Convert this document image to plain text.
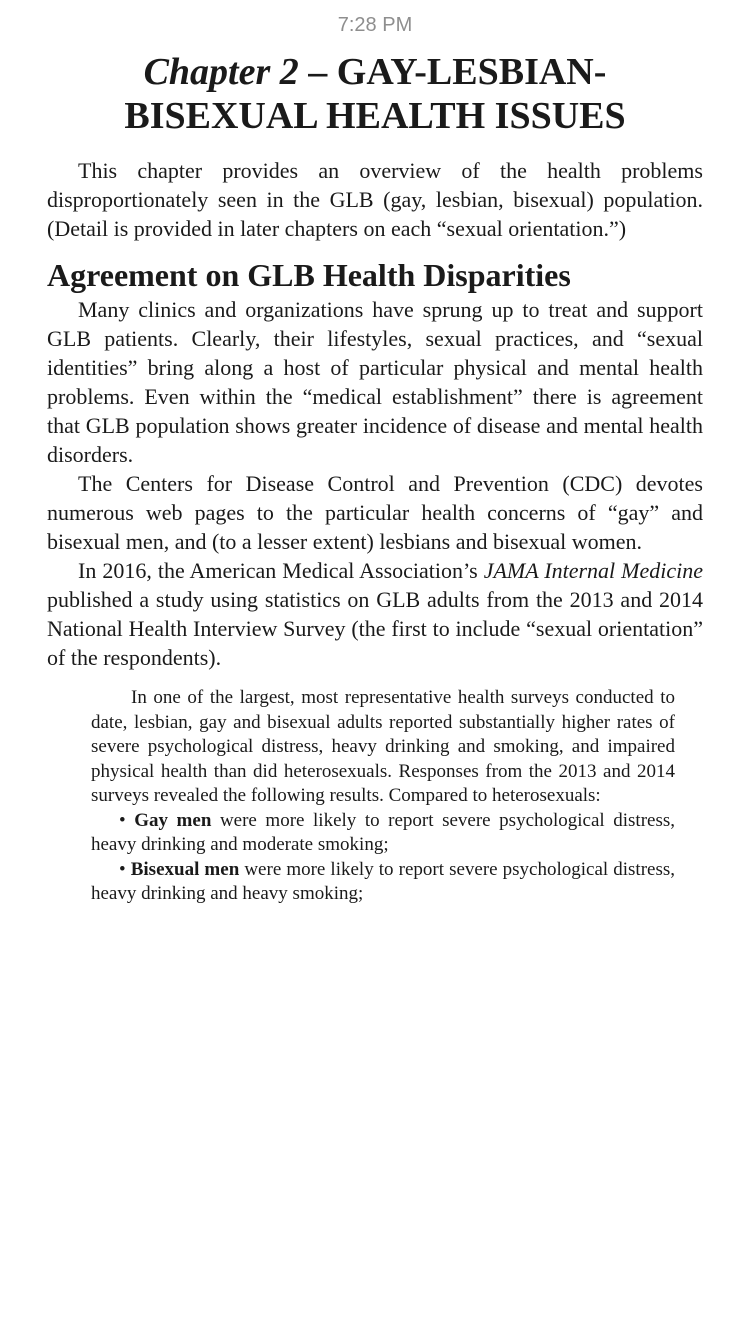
7:28 PM
Chapter 2 – GAY-LESBIAN-BISEXUAL HEALTH ISSUES

This chapter provides an overview of the health problems disproportionately seen in the GLB (gay, lesbian, bisexual) population. (Detail is provided in later chapters on each “sexual orientation.”)

Agreement on GLB Health Disparities

Many clinics and organizations have sprung up to treat and support GLB patients. Clearly, their lifestyles, sexual practices, and “sexual identities” bring along a host of particular physical and mental health problems. Even within the “medical establishment” there is agreement that GLB population shows greater incidence of disease and mental health disorders.

The Centers for Disease Control and Prevention (CDC) devotes numerous web pages to the particular health concerns of “gay” and bisexual men, and (to a lesser extent) lesbians and bisexual women.

In 2016, the American Medical Association’s JAMA Internal Medicine published a study using statistics on GLB adults from the 2013 and 2014 National Health Interview Survey (the first to include “sexual orientation” of the respondents).

In one of the largest, most representative health surveys conducted to date, lesbian, gay and bisexual adults reported substantially higher rates of severe psychological distress, heavy drinking and smoking, and impaired physical health than did heterosexuals. Responses from the 2013 and 2014 surveys revealed the following results. Compared to heterosexuals:

• Gay men were more likely to report severe psychological distress, heavy drinking and moderate smoking;

• Bisexual men were more likely to report severe psychological distress, heavy drinking and heavy smoking;
